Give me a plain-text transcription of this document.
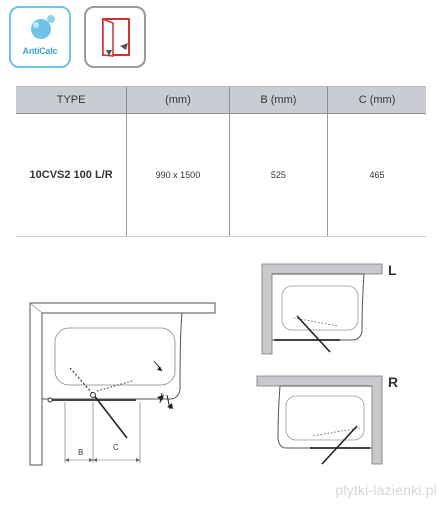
AntiCalc
TYPE	(mm)	B (mm)	C (mm)
10CVS2 100 L/R	990 x 1500	525	465
B
C
L
R
plytki-lazienki.pl
